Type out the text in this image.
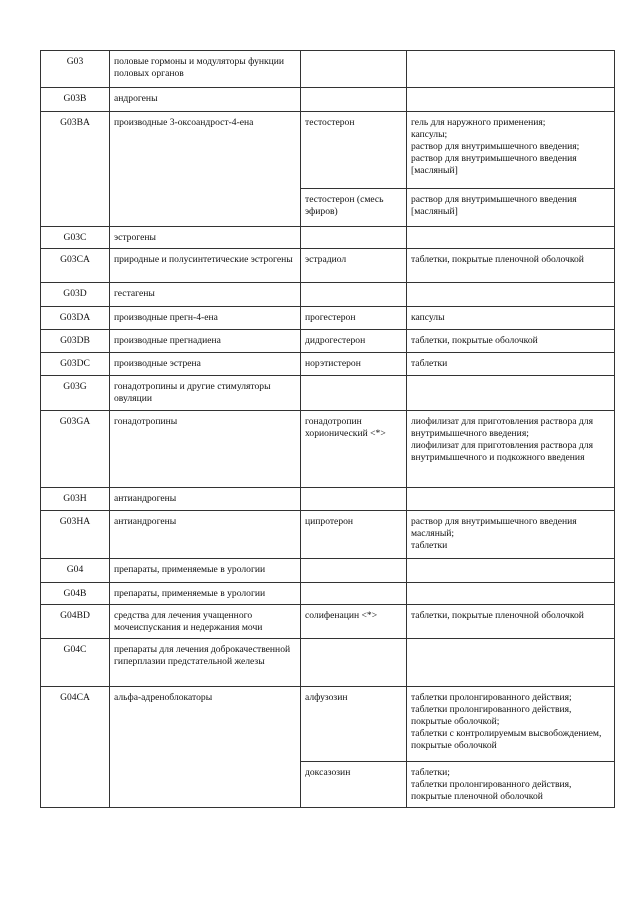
G03	половые гормоны и модуляторы функции половых органов		
G03B	андрогены		
G03BA	производные 3-оксоандрост-4-ена	тестостерон	гель для наружного применения;
капсулы;
раствор для внутримышечного введения;
раствор для внутримышечного введения [масляный]
		тестостерон (смесь эфиров)	раствор для внутримышечного введения [масляный]
G03C	эстрогены		
G03CA	природные и полусинтетические эстрогены	эстрадиол	таблетки, покрытые пленочной оболочкой
G03D	гестагены		
G03DA	производные прегн-4-ена	прогестерон	капсулы
G03DB	производные прегнадиена	дидрогестерон	таблетки, покрытые оболочкой
G03DC	производные эстрена	норэтистерон	таблетки
G03G	гонадотропины и другие стимуляторы овуляции		
G03GA	гонадотропины	гонадотропин хорионический <*>	лиофилизат для приготовления раствора для внутримышечного введения;
лиофилизат для приготовления раствора для внутримышечного и подкожного введения
G03H	антиандрогены		
G03HA	антиандрогены	ципротерон	раствор для внутримышечного введения масляный;
таблетки
G04	препараты, применяемые в урологии		
G04B	препараты, применяемые в урологии		
G04BD	средства для лечения учащенного мочеиспускания и недержания мочи	солифенацин <*>	таблетки, покрытые пленочной оболочкой
G04C	препараты для лечения доброкачественной гиперплазии предстательной железы		
G04CA	альфа-адреноблокаторы	алфузозин	таблетки пролонгированного действия;
таблетки пролонгированного действия, покрытые оболочкой;
таблетки с контролируемым высвобождением, покрытые оболочкой
		доксазозин	таблетки;
таблетки пролонгированного действия, покрытые пленочной оболочкой
